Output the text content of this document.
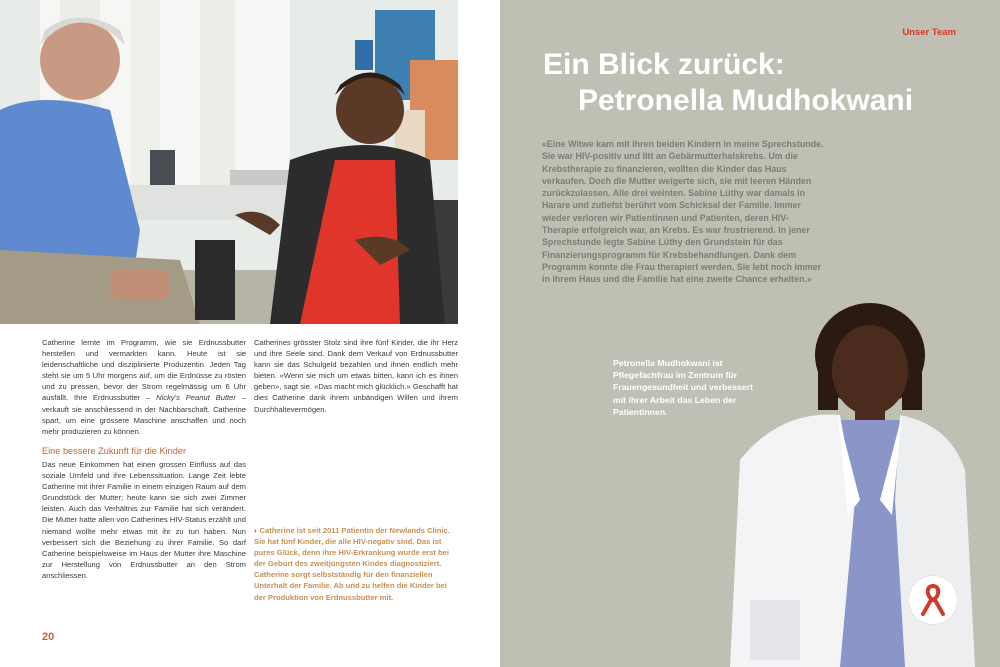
Catherine lernte im Programm, wie sie Erdnussbutter herstellen und vermarkten kann. Heute ist sie leidenschaftliche und disziplinierte Produzentin. Jeden Tag steht sie um 5 Uhr morgens auf, um die Erdnüsse zu rösten und zu pressen, bevor der Strom regelmässig um 6 Uhr ausfällt. Ihre Erdnussbutter – Nicky's Peanut Butter – verkauft sie anschliessend in der Nachbarschaft. Catherine spart, um eine grössere Maschine anschaffen und noch mehr produzieren zu können.
Eine bessere Zukunft für die Kinder
Das neue Einkommen hat einen grossen Einfluss auf das soziale Umfeld und ihre Lebenssituation. Lange Zeit lebte Catherine mit ihrer Familie in einem einzigen Raum auf dem Grundstück der Mutter; heute kann sie sich zwei Zimmer leisten. Auch das Verhältnis zur Familie hat sich verändert. Die Mutter hatte allen von Catherines HIV-Status erzählt und niemand wollte mehr etwas mit ihr zu tun haben. Nun verbessert sich die Beziehung zu ihrer Familie. So darf Catherine beispielsweise im Haus der Mutter ihre Maschine zur Herstellung von Erdnussbutter an den Strom anschliessen.
Catherines grösster Stolz sind ihre fünf Kinder, die ihr Herz und ihre Seele sind. Dank dem Verkauf von Erdnussbutter kann sie das Schulgeld bezahlen und ihnen endlich mehr bieten. «Wenn sie mich um etwas bitten, kann ich es ihnen geben», sagt sie. «Das macht mich glücklich.» Geschafft hat dies Catherine dank ihrem unbändigen Willen und ihrem Durchhaltevermögen.
› Catherine ist seit 2011 Patientin der Newlands Clinic. Sie hat fünf Kinder, die alle HIV-negativ sind. Das ist pures Glück, denn ihre HIV-Erkrankung wurde erst bei der Geburt des zweitjüngsten Kindes diagnostiziert. Catherine sorgt selbstständig für den finanziellen Unterhalt der Familie. Ab und zu helfen die Kinder bei der Produktion von Erdnussbutter mit.
20
Unser Team
Ein Blick zurück:
Petronella Mudhokwani
«Eine Witwe kam mit ihren beiden Kindern in meine Sprechstunde. Sie war HIV-positiv und litt an Gebärmutterhalskrebs. Um die Krebstherapie zu finanzieren, wollten die Kinder das Haus verkaufen. Doch die Mutter weigerte sich, sie mit leeren Händen zurückzulassen. Alle drei weinten. Sabine Lüthy war damals in Harare und zutiefst berührt vom Schicksal der Familie. Immer wieder verloren wir Patientinnen und Patienten, deren HIV-Therapie erfolgreich war, an Krebs. Es war frustrierend. In jener Sprechstunde legte Sabine Lüthy den Grundstein für das Finanzierungsprogramm für Krebsbehandlungen. Dank dem Programm konnte die Frau therapiert werden. Sie lebt noch immer in ihrem Haus und die Familie hat eine zweite Chance erhalten.»
Petronella Mudhokwani ist Pflegefachfrau im Zentrum für Frauengesundheit und verbessert mit ihrer Arbeit das Leben der Patientinnen.
